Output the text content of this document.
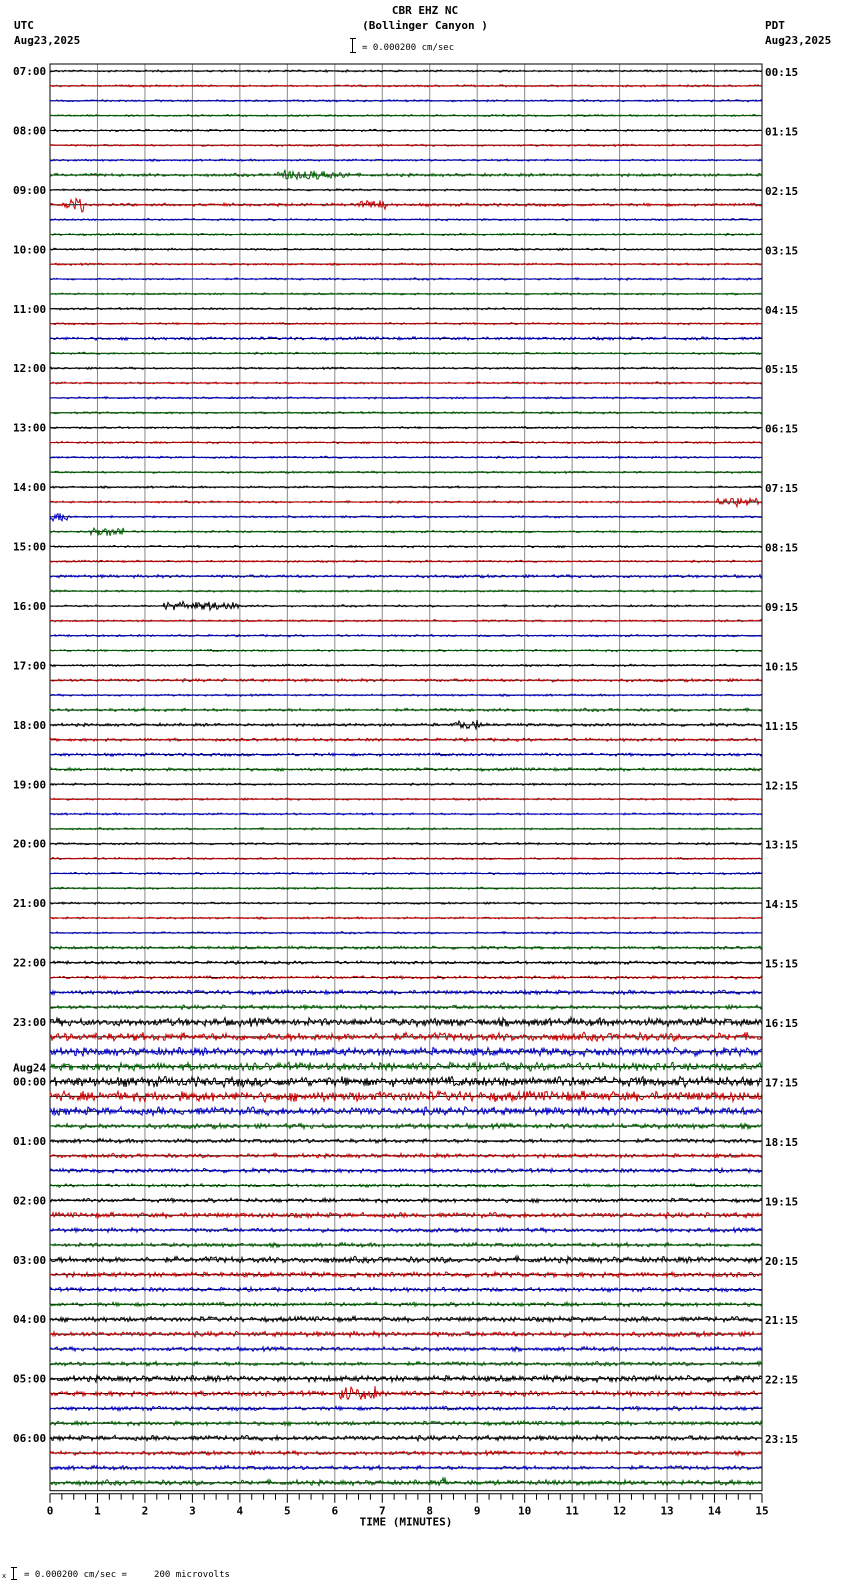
CBR EHZ NC
(Bollinger Canyon )
UTC
Aug23,2025
PDT
Aug23,2025
= 0.000200 cm/sec
07:00
08:00
09:00
10:00
11:00
12:00
13:00
14:00
15:00
16:00
17:00
18:00
19:00
20:00
21:00
22:00
23:00
00:00
Aug24
01:00
02:00
03:00
04:00
05:00
06:00
00:15
01:15
02:15
03:15
04:15
05:15
06:15
07:15
08:15
09:15
10:15
11:15
12:15
13:15
14:15
15:15
16:15
17:15
18:15
19:15
20:15
21:15
22:15
23:15
0	1	2	3	4	5	6	7	8	9	10	11	12	13	14	15
TIME (MINUTES)
x = 0.000200 cm/sec =     200 microvolts
